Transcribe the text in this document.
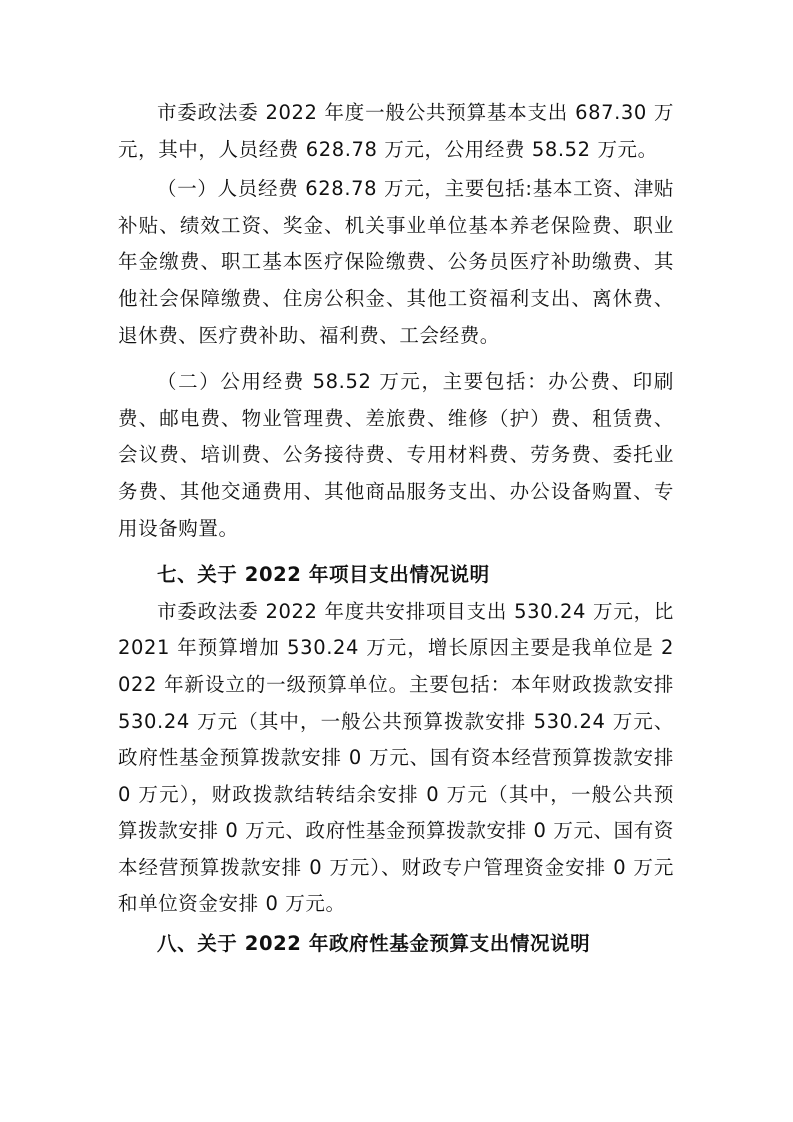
市委政法委 2022 年度一般公共预算基本支出 687.30 万元，其中，人员经费 628.78 万元，公用经费 58.52 万元。

（一）人员经费 628.78 万元，主要包括:基本工资、津贴补贴、绩效工资、奖金、机关事业单位基本养老保险费、职业年金缴费、职工基本医疗保险缴费、公务员医疗补助缴费、其他社会保障缴费、住房公积金、其他工资福利支出、离休费、退休费、医疗费补助、福利费、工会经费。

（二）公用经费 58.52 万元，主要包括：办公费、印刷费、邮电费、物业管理费、差旅费、维修（护）费、租赁费、会议费、培训费、公务接待费、专用材料费、劳务费、委托业务费、其他交通费用、其他商品服务支出、办公设备购置、专用设备购置。

七、关于 2022 年项目支出情况说明

市委政法委 2022 年度共安排项目支出 530.24 万元，比 2021 年预算增加 530.24 万元，增长原因主要是我单位是 2022 年新设立的一级预算单位。主要包括：本年财政拨款安排 530.24 万元（其中，一般公共预算拨款安排 530.24 万元、政府性基金预算拨款安排 0 万元、国有资本经营预算拨款安排 0 万元），财政拨款结转结余安排 0 万元（其中，一般公共预算拨款安排 0 万元、政府性基金预算拨款安排 0 万元、国有资本经营预算拨款安排 0 万元）、财政专户管理资金安排 0 万元和单位资金安排 0 万元。

八、关于 2022 年政府性基金预算支出情况说明
